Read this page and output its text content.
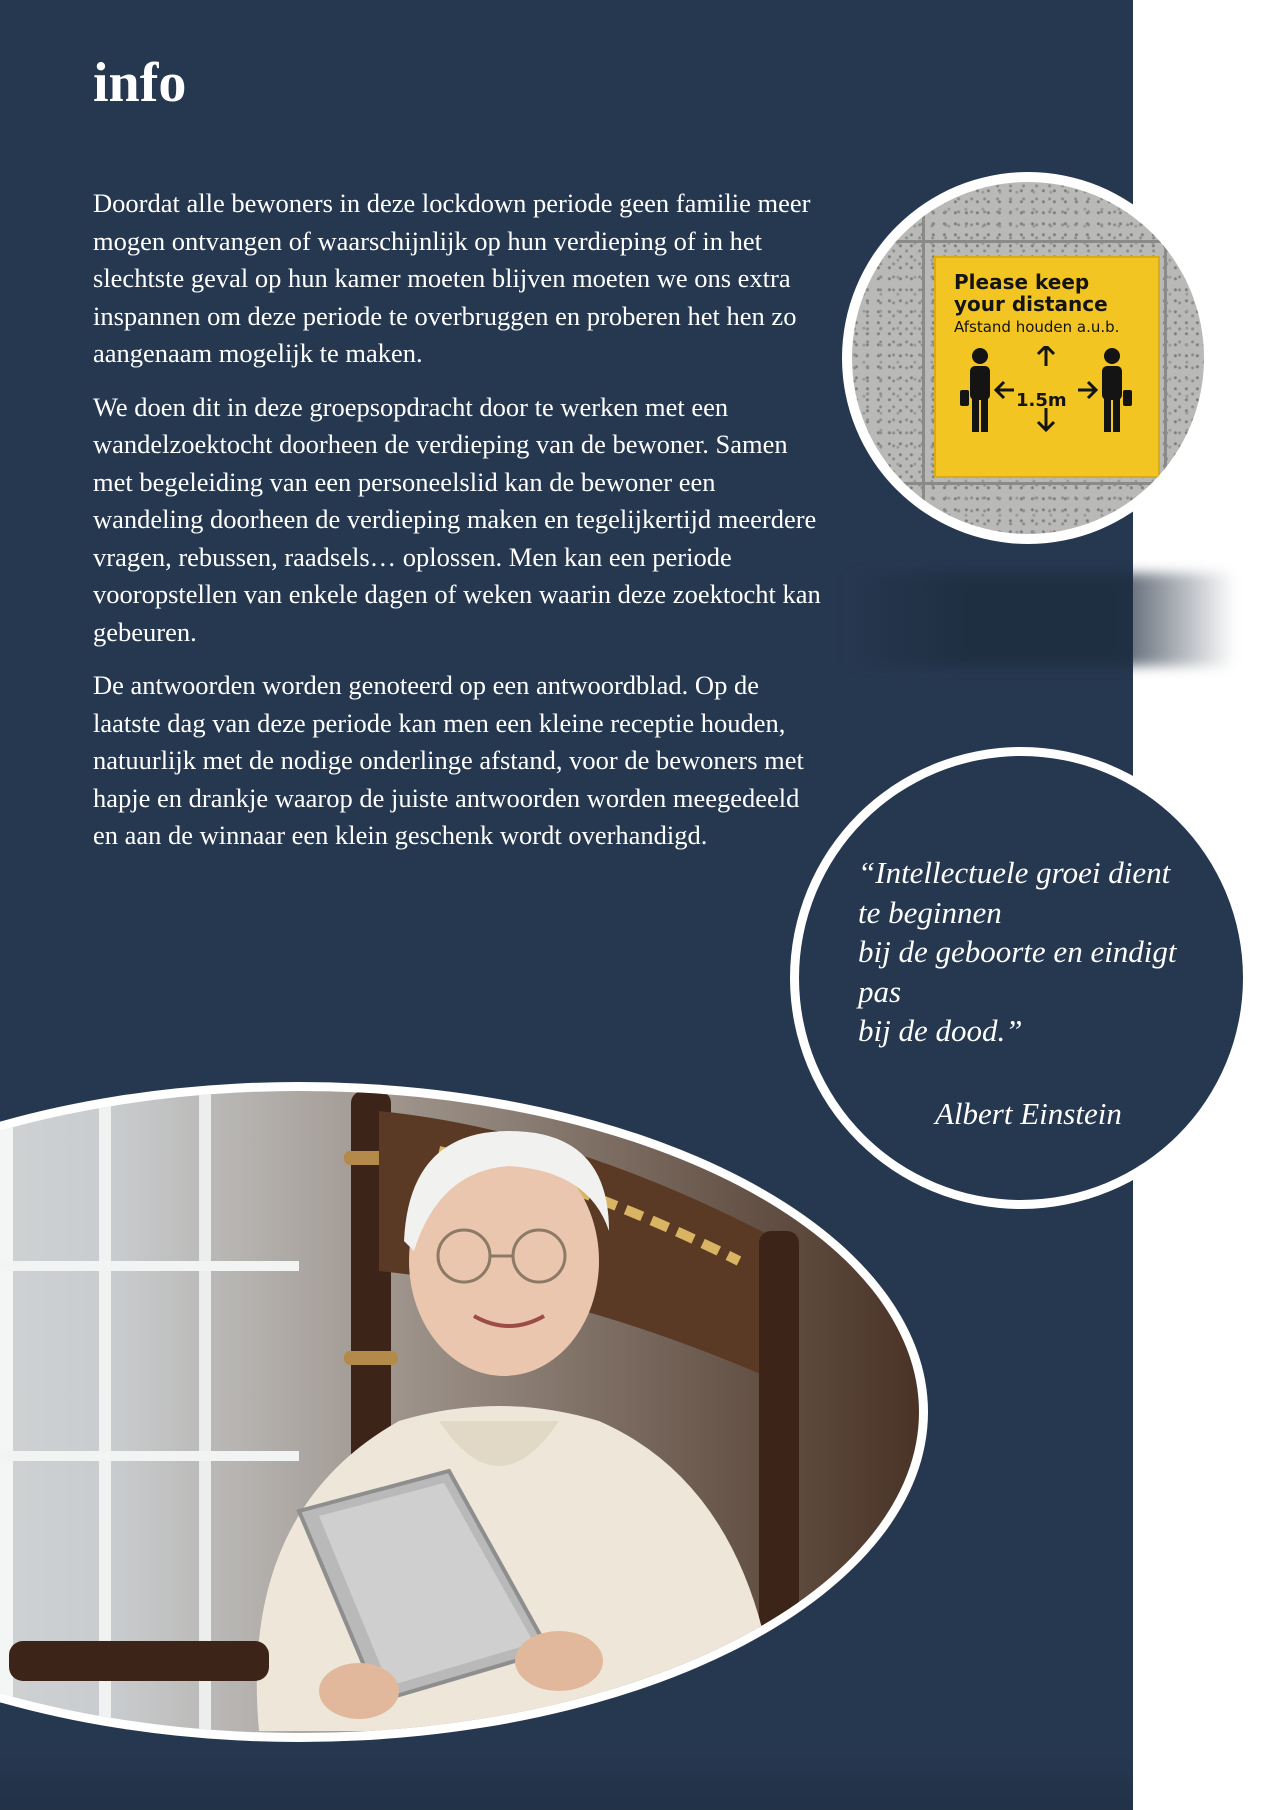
info

Doordat alle bewoners in deze lockdown periode geen familie meer mogen ontvangen of waarschijnlijk op hun verdieping of in het slechtste geval op hun kamer moeten blijven moeten we ons extra inspannen om deze periode te overbruggen en proberen het hen zo aangenaam mogelijk te maken.

We doen dit in deze groepsopdracht door te werken met een wandelzoektocht doorheen de verdieping van de bewoner. Samen met begeleiding van een personeelslid kan de bewoner een wandeling doorheen de verdieping maken en tegelijkertijd meerdere vragen, rebussen, raadsels… oplossen. Men kan een periode vooropstellen van enkele dagen of weken waarin deze zoektocht kan gebeuren.

De antwoorden worden genoteerd op een antwoordblad. Op de laatste dag van deze periode kan men een kleine receptie houden, natuurlijk met de nodige onderlinge afstand, voor de bewoners met hapje en drankje waarop de juiste antwoorden worden meegedeeld en aan de winnaar een klein geschenk wordt overhandigd.

Please keep
your distance
Afstand houden a.u.b.
1.5m
“Intellectuele groei dient
te beginnen
bij de geboorte en eindigt
pas
bij de dood.”
Albert Einstein
